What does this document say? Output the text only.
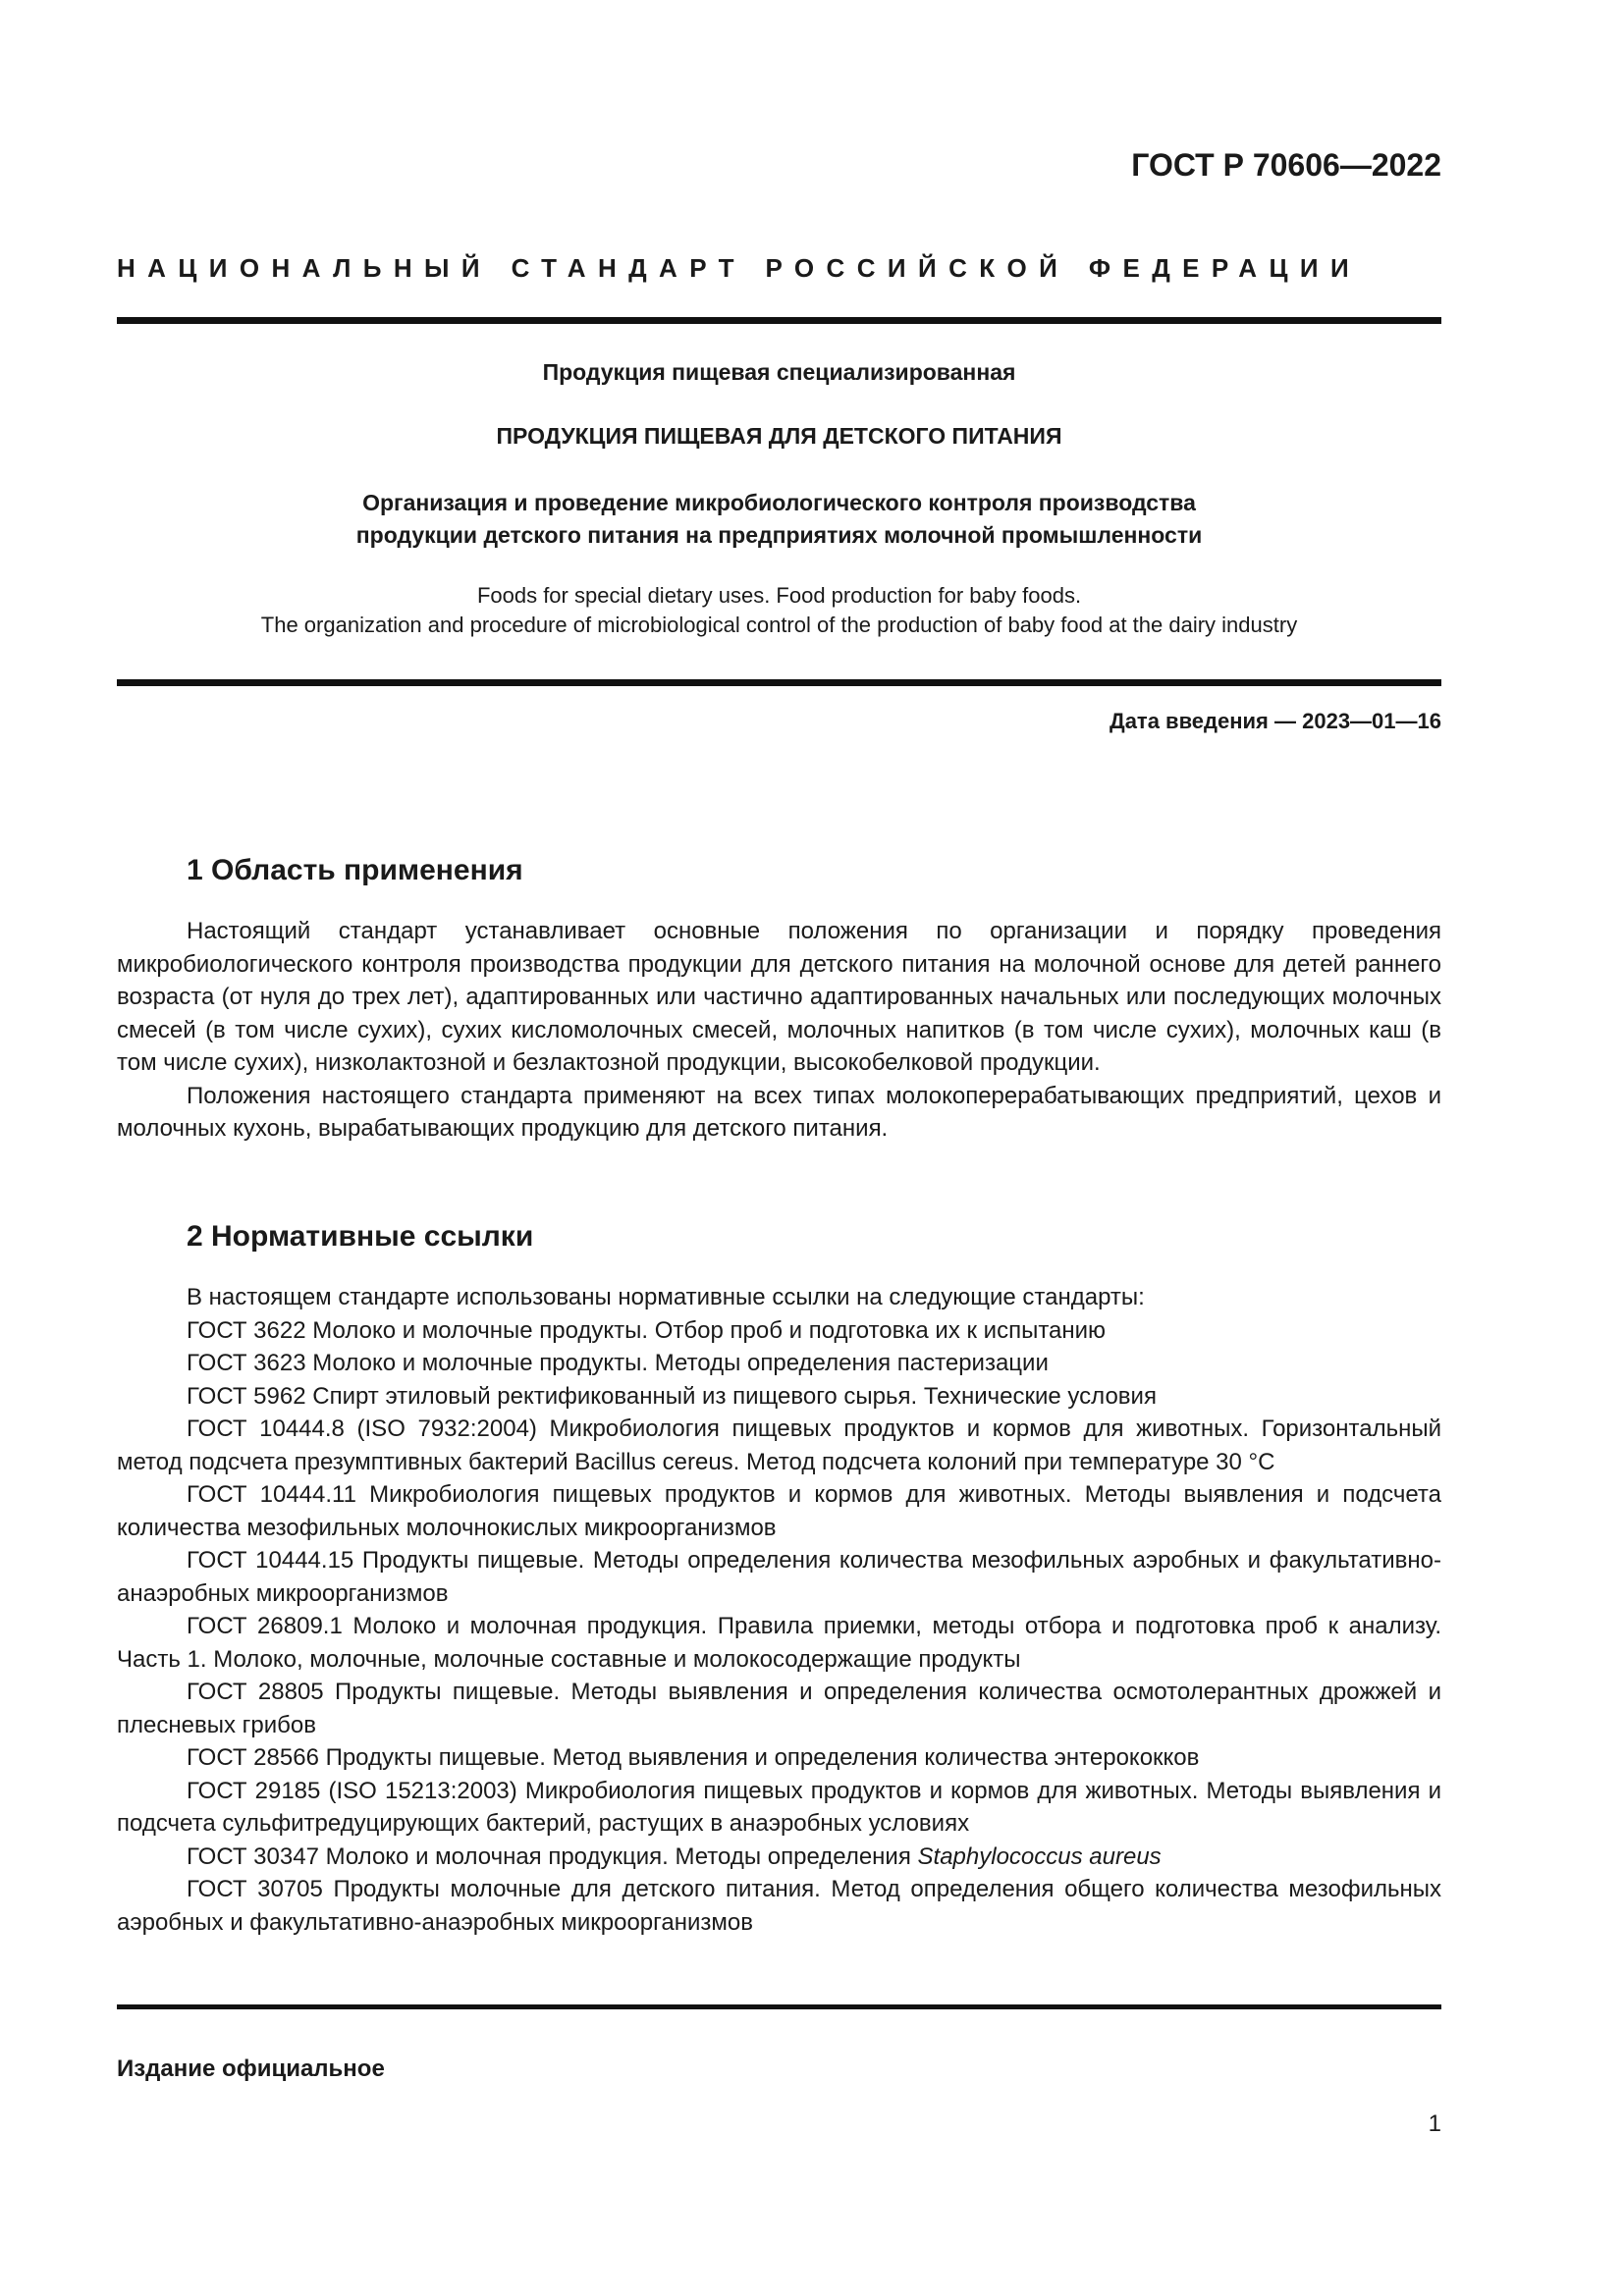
ГОСТ Р 70606—2022
НАЦИОНАЛЬНЫЙ СТАНДАРТ РОССИЙСКОЙ ФЕДЕРАЦИИ
Продукция пищевая специализированная
ПРОДУКЦИЯ ПИЩЕВАЯ ДЛЯ ДЕТСКОГО ПИТАНИЯ
Организация и проведение микробиологического контроля производства
продукции детского питания на предприятиях молочной промышленности
Foods for special dietary uses. Food production for baby foods.
The organization and procedure of microbiological control of the production of baby food at the dairy industry
Дата введения — 2023—01—16
1 Область применения

Настоящий стандарт устанавливает основные положения по организации и порядку проведения микробиологического контроля производства продукции для детского питания на молочной основе для детей раннего возраста (от нуля до трех лет), адаптированных или частично адаптированных начальных или последующих молочных смесей (в том числе сухих), сухих кисломолочных смесей, молочных напитков (в том числе сухих), молочных каш (в том числе сухих), низколактозной и безлактозной продукции, высокобелковой продукции.

Положения настоящего стандарта применяют на всех типах молокоперерабатывающих предприятий, цехов и молочных кухонь, вырабатывающих продукцию для детского питания.

2 Нормативные ссылки

В настоящем стандарте использованы нормативные ссылки на следующие стандарты:

ГОСТ 3622 Молоко и молочные продукты. Отбор проб и подготовка их к испытанию

ГОСТ 3623 Молоко и молочные продукты. Методы определения пастеризации

ГОСТ 5962 Спирт этиловый ректификованный из пищевого сырья. Технические условия

ГОСТ 10444.8 (ISO 7932:2004) Микробиология пищевых продуктов и кормов для животных. Горизонтальный метод подсчета презумптивных бактерий Bacillus cereus. Метод подсчета колоний при температуре 30 °С

ГОСТ 10444.11 Микробиология пищевых продуктов и кормов для животных. Методы выявления и подсчета количества мезофильных молочнокислых микроорганизмов

ГОСТ 10444.15 Продукты пищевые. Методы определения количества мезофильных аэробных и факультативно-анаэробных микроорганизмов

ГОСТ 26809.1 Молоко и молочная продукция. Правила приемки, методы отбора и подготовка проб к анализу. Часть 1. Молоко, молочные, молочные составные и молокосодержащие продукты

ГОСТ 28805 Продукты пищевые. Методы выявления и определения количества осмотолерантных дрожжей и плесневых грибов

ГОСТ 28566 Продукты пищевые. Метод выявления и определения количества энтерококков

ГОСТ 29185 (ISO 15213:2003) Микробиология пищевых продуктов и кормов для животных. Методы выявления и подсчета сульфитредуцирующих бактерий, растущих в анаэробных условиях

ГОСТ 30347 Молоко и молочная продукция. Методы определения Staphylococcus aureus

ГОСТ 30705 Продукты молочные для детского питания. Метод определения общего количества мезофильных аэробных и факультативно-анаэробных микроорганизмов

Издание официальное
1
